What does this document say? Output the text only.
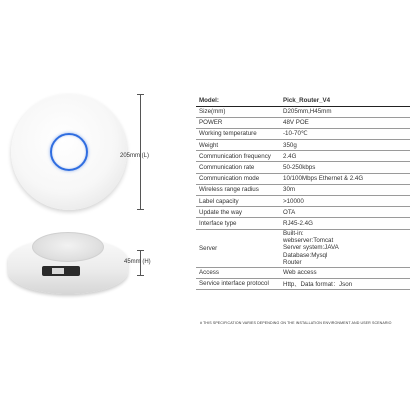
205mm (L)
45mm (H)
Model:	Pick_Router_V4
Size(mm)	D205mm,H45mm
POWER	48V POE
Working temperature	-10-70℃
Weight	350g
Communication frequency	2.4G
Communication rate	50-250kbps
Communication mode	10/100Mbps Ethernet & 2.4G
Wireless range radius	30m
Label capacity	>10000
Update the way	OTA
Interface type	RJ45-2.4G
Server	Built-in:
webserver:Tomcat
Server system:JAVA
Database:Mysql
Router

Access	Web access
Service interface protocol	Http、Data format：Json
# THIS SPECIFICATION VARIES DEPENDING ON THE INSTALLATION ENVIRONMENT AND USER SCENARIO
